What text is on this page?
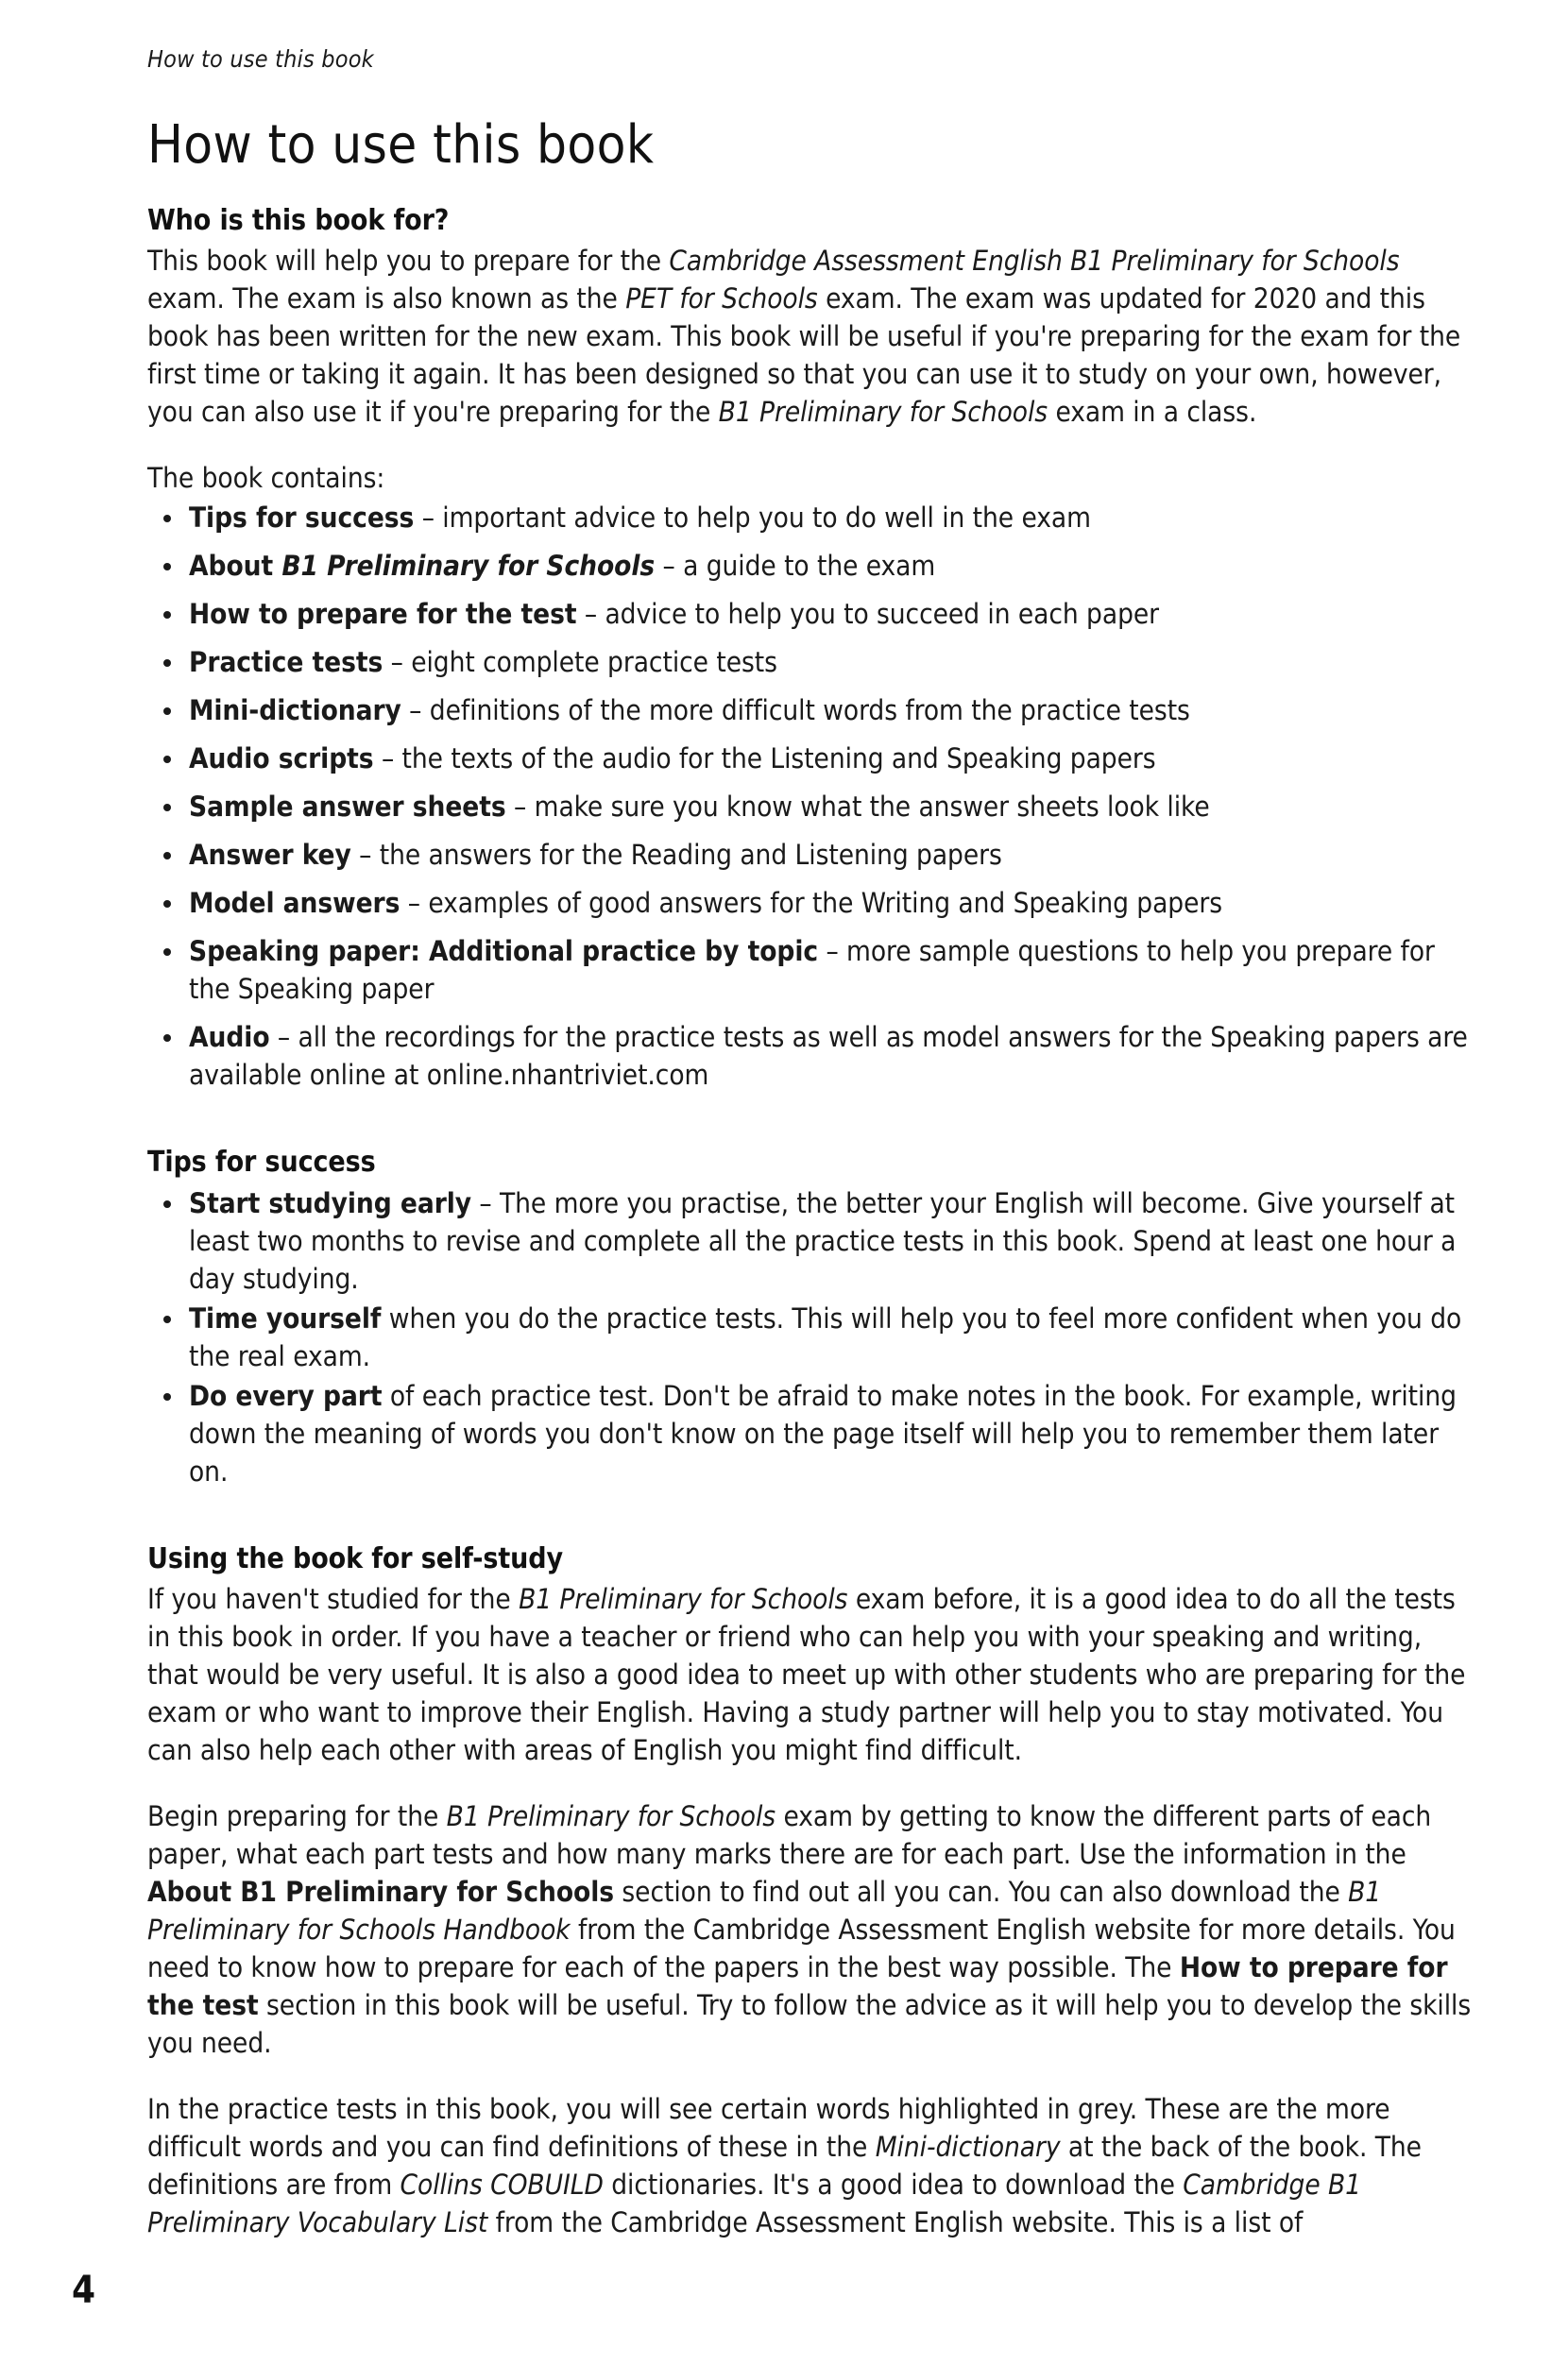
How to use this book
How to use this book
Who is this book for?

This book will help you to prepare for the Cambridge Assessment English B1 Preliminary for Schools exam. The exam is also known as the PET for Schools exam. The exam was updated for 2020 and this book has been written for the new exam. This book will be useful if you're preparing for the exam for the first time or taking it again. It has been designed so that you can use it to study on your own, however, you can also use it if you're preparing for the B1 Preliminary for Schools exam in a class.

The book contains:

Tips for success – important advice to help you to do well in the exam
About B1 Preliminary for Schools – a guide to the exam
How to prepare for the test – advice to help you to succeed in each paper
Practice tests – eight complete practice tests
Mini-dictionary – definitions of the more difficult words from the practice tests
Audio scripts – the texts of the audio for the Listening and Speaking papers
Sample answer sheets – make sure you know what the answer sheets look like
Answer key – the answers for the Reading and Listening papers
Model answers – examples of good answers for the Writing and Speaking papers
Speaking paper: Additional practice by topic – more sample questions to help you prepare for the Speaking paper
Audio – all the recordings for the practice tests as well as model answers for the Speaking papers are available online at online.nhantriviet.com
Tips for success
Start studying early – The more you practise, the better your English will become. Give yourself at least two months to revise and complete all the practice tests in this book. Spend at least one hour a day studying.
Time yourself when you do the practice tests. This will help you to feel more confident when you do the real exam.
Do every part of each practice test. Don't be afraid to make notes in the book. For example, writing down the meaning of words you don't know on the page itself will help you to remember them later on.
Using the book for self-study

If you haven't studied for the B1 Preliminary for Schools exam before, it is a good idea to do all the tests in this book in order. If you have a teacher or friend who can help you with your speaking and writing, that would be very useful. It is also a good idea to meet up with other students who are preparing for the exam or who want to improve their English. Having a study partner will help you to stay motivated. You can also help each other with areas of English you might find difficult.

Begin preparing for the B1 Preliminary for Schools exam by getting to know the different parts of each paper, what each part tests and how many marks there are for each part. Use the information in the About B1 Preliminary for Schools section to find out all you can. You can also download the B1 Preliminary for Schools Handbook from the Cambridge Assessment English website for more details. You need to know how to prepare for each of the papers in the best way possible. The How to prepare for the test section in this book will be useful. Try to follow the advice as it will help you to develop the skills you need.

In the practice tests in this book, you will see certain words highlighted in grey. These are the more difficult words and you can find definitions of these in the Mini-dictionary at the back of the book. The definitions are from Collins COBUILD dictionaries. It's a good idea to download the Cambridge B1 Preliminary Vocabulary List from the Cambridge Assessment English website. This is a list of

4
